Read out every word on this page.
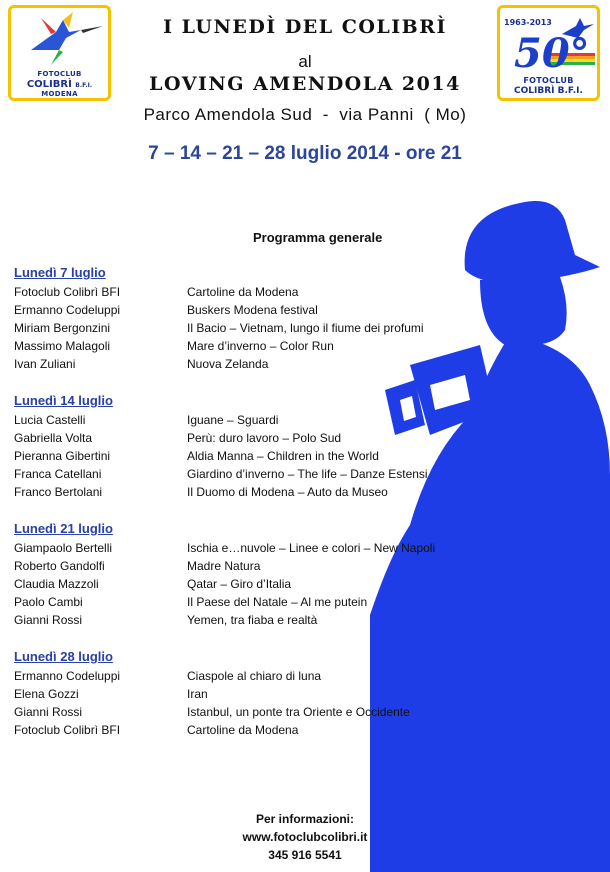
FOTOCLUB
COLIBRÌ B.F.I.
MODENA
1963-2013
50°
FOTOCLUB
COLIBRÌ B.F.I.
I LUNEDÌ DEL COLIBRÌ
al
LOVING AMENDOLA 2014
Parco Amendola Sud  -  via Panni  ( Mo)
7 – 14 – 21 – 28 luglio 2014 - ore 21
Programma generale
Lunedì 7 luglio
Fotoclub Colibrì BFI	Cartoline da Modena
Ermanno Codeluppi	Buskers Modena festival
Miriam Bergonzini	Il Bacio – Vietnam, lungo il fiume dei profumi
Massimo Malagoli	Mare d’inverno – Color Run
Ivan Zuliani	Nuova Zelanda
Lunedì 14 luglio
Lucia Castelli	Iguane – Sguardi
Gabriella Volta	Perù: duro lavoro – Polo Sud
Pieranna Gibertini	Aldia Manna – Children in the World
Franca Catellani	Giardino d’inverno – The life – Danze Estensi
Franco Bertolani	Il Duomo di Modena – Auto da Museo
Lunedì 21 luglio
Giampaolo Bertelli	Ischia e…nuvole – Linee e colori – New Napoli
Roberto Gandolfi	Madre Natura
Claudia Mazzoli	Qatar – Giro d’Italia
Paolo Cambi	Il Paese del Natale – Al me putein
Gianni Rossi	Yemen, tra fiaba e realtà
Lunedì 28 luglio
Ermanno Codeluppi	Ciaspole al chiaro di luna
Elena Gozzi	Iran
Gianni Rossi	Istanbul, un ponte tra Oriente e Occidente
Fotoclub Colibrì BFI	Cartoline da Modena
Per informazioni:
www.fotoclubcolibri.it
345 916 5541
